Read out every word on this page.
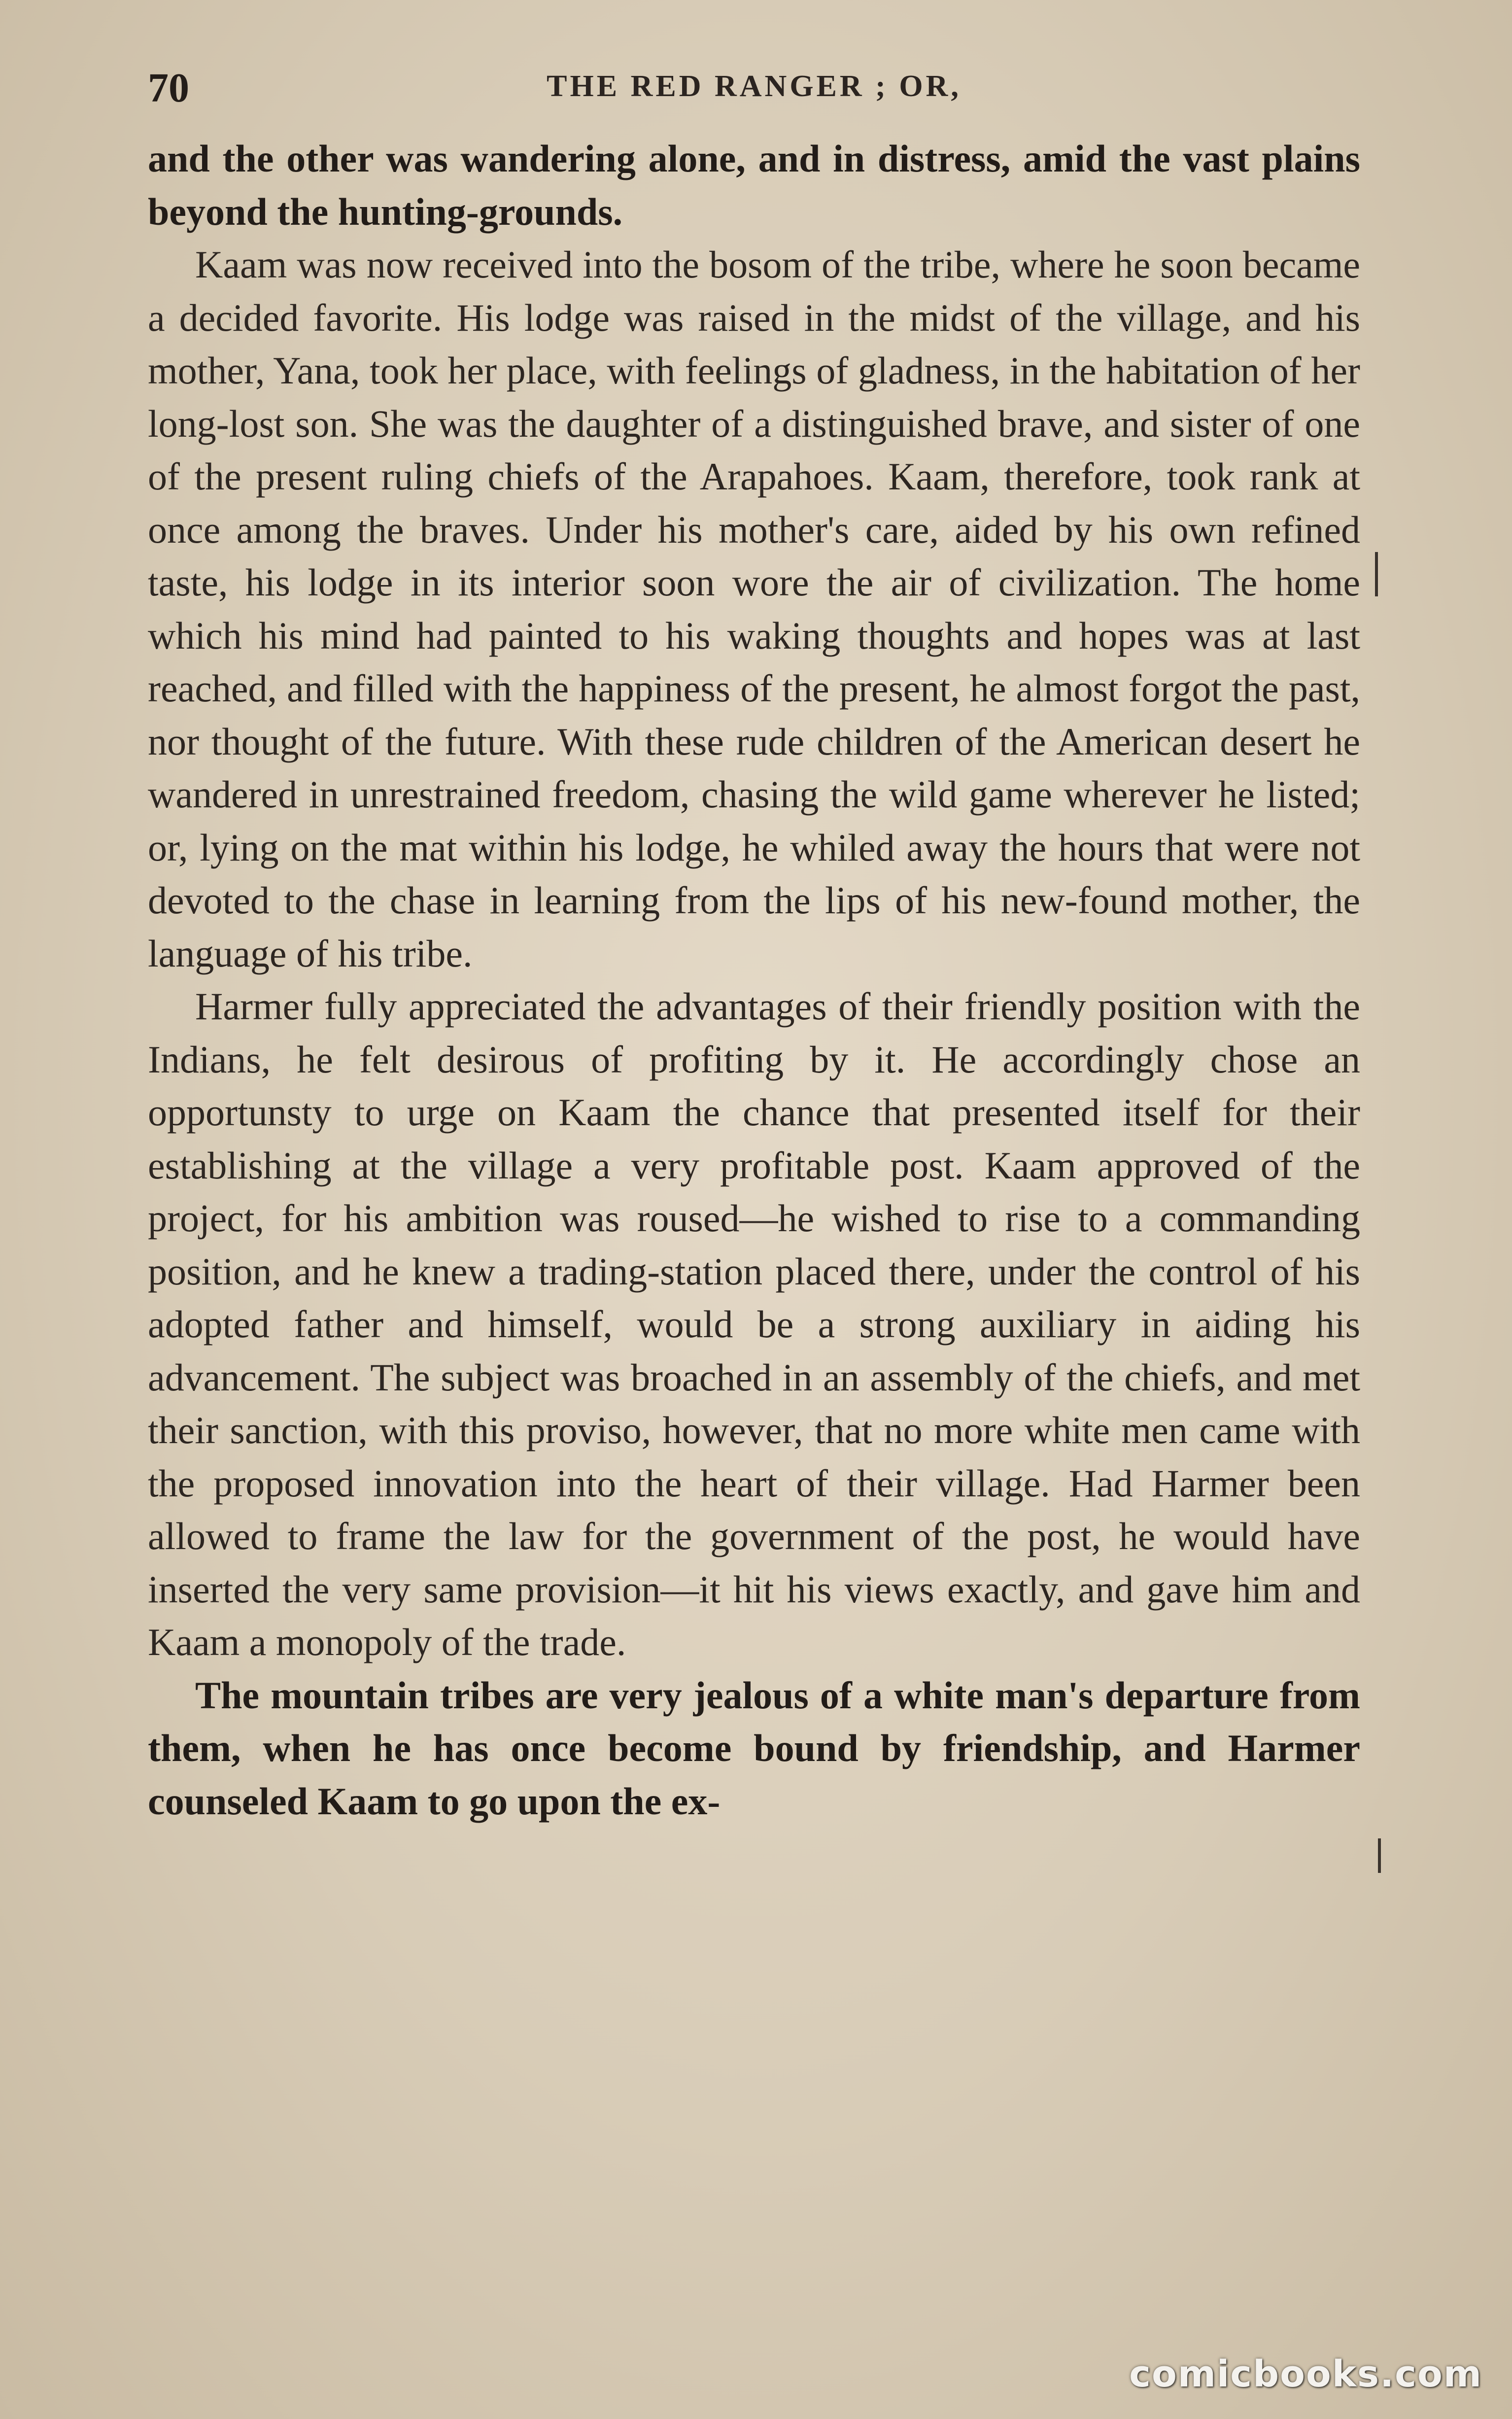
70	THE RED RANGER ; OR,

and the other was wandering alone, and in distress, amid the vast plains beyond the hunting-grounds.

Kaam was now received into the bosom of the tribe, where he soon became a decided favorite. His lodge was raised in the midst of the village, and his mother, Yana, took her place, with feelings of gladness, in the habitation of her long-lost son. She was the daughter of a distinguished brave, and sister of one of the present ruling chiefs of the Arapahoes. Kaam, therefore, took rank at once among the braves. Under his mother's care, aided by his own refined taste, his lodge in its interior soon wore the air of civilization. The home which his mind had painted to his waking thoughts and hopes was at last reached, and filled with the happiness of the present, he almost forgot the past, nor thought of the future. With these rude children of the American desert he wandered in unrestrained freedom, chasing the wild game wherever he listed; or, lying on the mat within his lodge, he whiled away the hours that were not devoted to the chase in learning from the lips of his new-found mother, the language of his tribe.

Harmer fully appreciated the advantages of their friendly position with the Indians, he felt desirous of profiting by it. He accordingly chose an opportunsty to urge on Kaam the chance that presented itself for their establishing at the village a very profitable post. Kaam approved of the project, for his ambition was roused—he wished to rise to a commanding position, and he knew a trading-station placed there, under the control of his adopted father and himself, would be a strong auxiliary in aiding his advancement. The subject was broached in an assembly of the chiefs, and met their sanction, with this proviso, however, that no more white men came with the proposed innovation into the heart of their village. Had Harmer been allowed to frame the law for the government of the post, he would have inserted the very same provision—it hit his views exactly, and gave him and Kaam a monopoly of the trade.

The mountain tribes are very jealous of a white man's departure from them, when he has once become bound by friendship, and Harmer counseled Kaam to go upon the ex-

comicbooks.com
